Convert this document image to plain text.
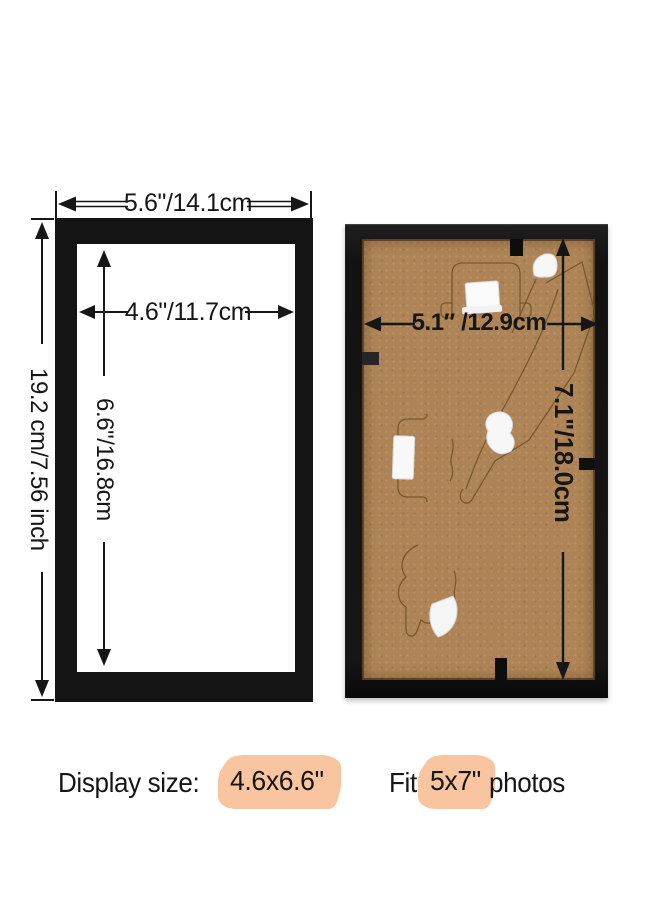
5.6"/14.1cm
19.2 cm/7.56 inch
4.6"/11.7cm
6.6"/16.8cm
5.1″ /12.9cm
7.1"/18.0cm
Display size:	4.6x6.6"	Fit 5x7" photos
